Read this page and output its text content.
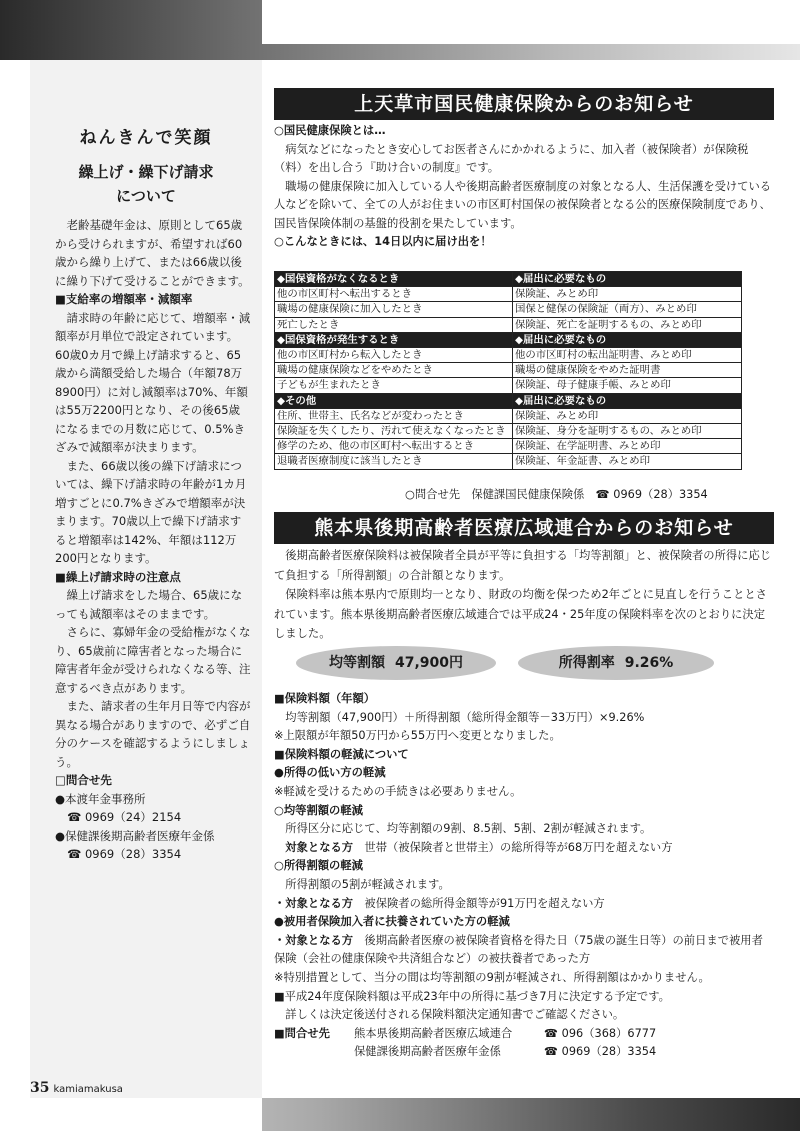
ねんきんで笑顔
繰上げ・繰下げ請求
について

老齢基礎年金は、原則として65歳から受けられますが、希望すれば60歳から繰り上げて、または66歳以後に繰り下げて受けることができます。

■支給率の増額率・減額率

請求時の年齢に応じて、増額率・減額率が月単位で設定されています。60歳0カ月で繰上げ請求すると、65歳から満額受給した場合（年額78万8900円）に対し減額率は70%、年額は55万2200円となり、その後65歳になるまでの月数に応じて、0.5%きざみで減額率が決まります。

また、66歳以後の繰下げ請求については、繰下げ請求時の年齢が1カ月増すごとに0.7%きざみで増額率が決まります。70歳以上で繰下げ請求すると増額率は142%、年額は112万200円となります。

■繰上げ請求時の注意点

繰上げ請求をした場合、65歳になっても減額率はそのままです。

さらに、寡婦年金の受給権がなくなり、65歳前に障害者となった場合に障害者年金が受けられなくなる等、注意するべき点があります。

また、請求者の生年月日等で内容が異なる場合がありますので、必ずご自分のケースを確認するようにしましょう。

□問合せ先

●本渡年金事務所

☎ 0969（24）2154

●保健課後期高齢者医療年金係

☎ 0969（28）3354

35 kamiamakusa
上天草市国民健康保険からのお知らせ

○国民健康保険とは…

病気などになったとき安心してお医者さんにかかれるように、加入者（被保険者）が保険税（料）を出し合う『助け合いの制度』です。

職場の健康保険に加入している人や後期高齢者医療制度の対象となる人、生活保護を受けている人などを除いて、全ての人がお住まいの市区町村国保の被保険者となる公的医療保険制度であり、国民皆保険体制の基盤的役割を果たしています。

○こんなときには、14日以内に届け出を！

◆国保資格がなくなるとき	◆届出に必要なもの
他の市区町村へ転出するとき	保険証、みとめ印
職場の健康保険に加入したとき	国保と健保の保険証（両方）、みとめ印
死亡したとき	保険証、死亡を証明するもの、みとめ印
◆国保資格が発生するとき	◆届出に必要なもの
他の市区町村から転入したとき	他の市区町村の転出証明書、みとめ印
職場の健康保険などをやめたとき	職場の健康保険をやめた証明書
子どもが生まれたとき	保険証、母子健康手帳、みとめ印
◆その他	◆届出に必要なもの
住所、世帯主、氏名などが変わったとき	保険証、みとめ印
保険証を失くしたり、汚れて使えなくなったとき	保険証、身分を証明するもの、みとめ印
修学のため、他の市区町村へ転出するとき	保険証、在学証明書、みとめ印
退職者医療制度に該当したとき	保険証、年金証書、みとめ印
○問合せ先　保健課国民健康保険係　☎ 0969（28）3354
熊本県後期高齢者医療広域連合からのお知らせ

後期高齢者医療保険料は被保険者全員が平等に負担する「均等割額」と、被保険者の所得に応じて負担する「所得割額」の合計額となります。

保険料率は熊本県内で原則均一となり、財政の均衡を保つため2年ごとに見直しを行うこととされています。熊本県後期高齢者医療広域連合では平成24・25年度の保険料率を次のとおりに決定しました。

均等割額 47,900円	所得割率 9.26%

■保険料額（年額）

均等割額（47,900円）＋所得割額（総所得金額等－33万円）×9.26%

※上限額が年額50万円から55万円へ変更となりました。

■保険料額の軽減について

●所得の低い方の軽減

※軽減を受けるための手続きは必要ありません。

○均等割額の軽減

所得区分に応じて、均等割額の9割、8.5割、5割、2割が軽減されます。

対象となる方　 世帯（被保険者と世帯主）の総所得等が68万円を超えない方

○所得割額の軽減

所得割額の5割が軽減されます。

・対象となる方　 被保険者の総所得金額等が91万円を超えない方

●被用者保険加入者に扶養されていた方の軽減

・対象となる方　 後期高齢者医療の被保険者資格を得た日（75歳の誕生日等）の前日まで被用者保険（会社の健康保険や共済組合など）の被扶養者であった方

※特別措置として、当分の間は均等割額の9割が軽減され、所得割額はかかりません。

■平成24年度保険料額は平成23年中の所得に基づき7月に決定する予定です。

詳しくは決定後送付される保険料額決定通知書でご確認ください。

■問合せ先	熊本県後期高齢者医療広域連合	☎ 096（368）6777
保健課後期高齢者医療年金係	☎ 0969（28）3354
